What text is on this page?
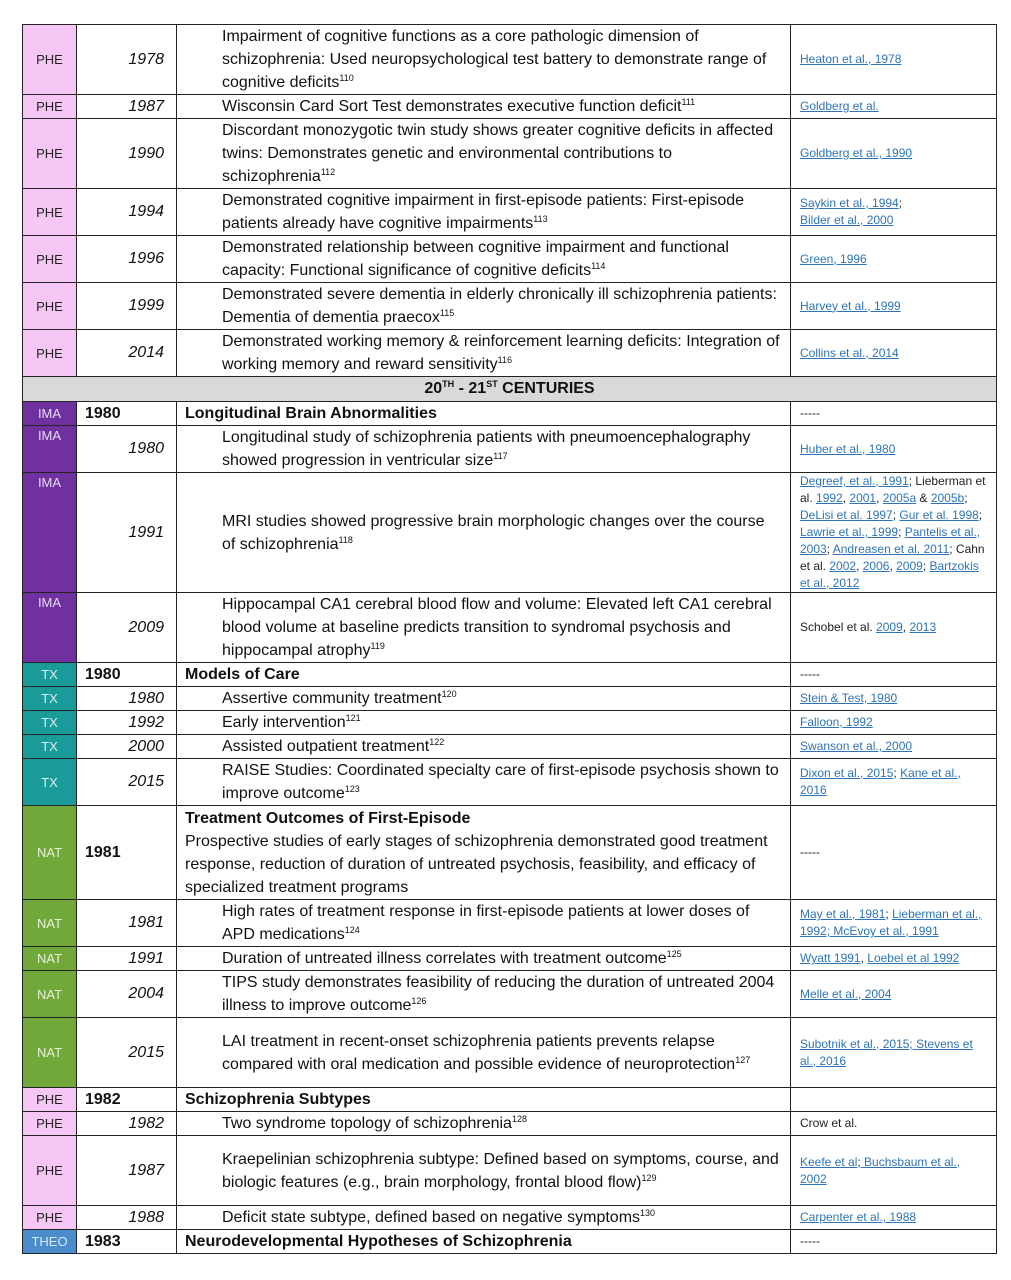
PHE	1978	Impairment of cognitive functions as a core pathologic dimension of schizophrenia: Used neuropsychological test battery to demonstrate range of cognitive deficits$^{110}$	Heaton et al., 1978
PHE	1987	Wisconsin Card Sort Test demonstrates executive function deficit$^{111}$	Goldberg et al.
PHE	1990	Discordant monozygotic twin study shows greater cognitive deficits in affected twins: Demonstrates genetic and environmental contributions to schizophrenia$^{112}$	Goldberg et al., 1990
PHE	1994	Demonstrated cognitive impairment in first-episode patients: First-episode patients already have cognitive impairments$^{113}$	Saykin et al., 1994;
Bilder et al., 2000
PHE	1996	Demonstrated relationship between cognitive impairment and functional capacity: Functional significance of cognitive deficits$^{114}$	Green, 1996
PHE	1999	Demonstrated severe dementia in elderly chronically ill schizophrenia patients: Dementia of dementia praecox$^{115}$	Harvey et al., 1999
PHE	2014	Demonstrated working memory & reinforcement learning deficits: Integration of working memory and reward sensitivity$^{116}$	Collins et al., 2014
20TH - 21ST CENTURIES			
IMA	1980	Longitudinal Brain Abnormalities	-----
IMA	1980	Longitudinal study of schizophrenia patients with pneumoencephalography showed progression in ventricular size$^{117}$	Huber et al., 1980
IMA	1991	MRI studies showed progressive brain morphologic changes over the course of schizophrenia$^{118}$	Degreef, et al., 1991; Lieberman et al. 1992, 2001, 2005a & 2005b; DeLisi et al. 1997; Gur et al. 1998; Lawrie et al., 1999; Pantelis et al., 2003; Andreasen et al. 2011; Cahn et al. 2002, 2006, 2009; Bartzokis et al., 2012
IMA	2009	Hippocampal CA1 cerebral blood flow and volume: Elevated left CA1 cerebral blood volume at baseline predicts transition to syndromal psychosis and hippocampal atrophy$^{119}$	Schobel et al. 2009, 2013
TX	1980	Models of Care	-----
TX	1980	Assertive community treatment$^{120}$	Stein & Test, 1980
TX	1992	Early intervention$^{121}$	Falloon, 1992
TX	2000	Assisted outpatient treatment$^{122}$	Swanson et al., 2000
TX	2015	RAISE Studies: Coordinated specialty care of first-episode psychosis shown to improve outcome$^{123}$	Dixon et al., 2015; Kane et al., 2016
NAT	1981	Treatment Outcomes of First-Episode
Prospective studies of early stages of schizophrenia demonstrated good treatment response, reduction of duration of untreated psychosis, feasibility, and efficacy of specialized treatment programs	-----
NAT	1981	High rates of treatment response in first-episode patients at lower doses of APD medications$^{124}$	May et al., 1981; Lieberman et al., 1992; McEvoy et al., 1991
NAT	1991	Duration of untreated illness correlates with treatment outcome$^{125}$	Wyatt 1991, Loebel et al 1992
NAT	2004	TIPS study demonstrates feasibility of reducing the duration of untreated 2004 illness to improve outcome$^{126}$	Melle et al., 2004
NAT	2015	LAI treatment in recent-onset schizophrenia patients prevents relapse compared with oral medication and possible evidence of neuroprotection$^{127}$	Subotnik et al., 2015; Stevens et al., 2016
PHE	1982	Schizophrenia Subtypes	

PHE	1982	Two syndrome topology of schizophrenia$^{128}$	Crow et al.
PHE	1987	Kraepelinian schizophrenia subtype: Defined based on symptoms, course, and biologic features (e.g., brain morphology, frontal blood flow)$^{129}$	Keefe et al; Buchsbaum et al., 2002
PHE	1988	Deficit state subtype, defined based on negative symptoms$^{130}$	Carpenter et al., 1988
THEO	1983	Neurodevelopmental Hypotheses of Schizophrenia	-----
